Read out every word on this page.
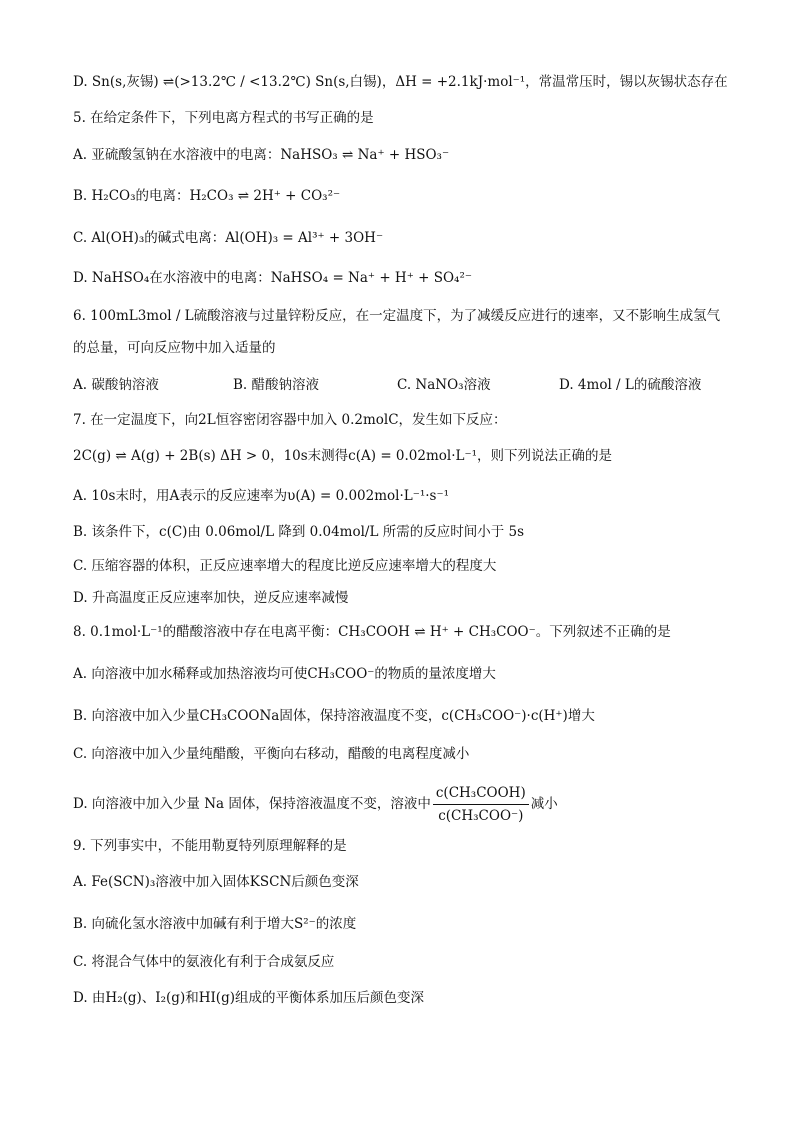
D. Sn(s,灰锡) ⇌(>13.2℃ / <13.2℃) Sn(s,白锡)，ΔH = +2.1kJ·mol⁻¹，常温常压时，锡以灰锡状态存在
5. 在给定条件下，下列电离方程式的书写正确的是
A. 亚硫酸氢钠在水溶液中的电离：NaHSO₃ ⇌ Na⁺ + HSO₃⁻
B. H₂CO₃的电离：H₂CO₃ ⇌ 2H⁺ + CO₃²⁻
C. Al(OH)₃的碱式电离：Al(OH)₃ = Al³⁺ + 3OH⁻
D. NaHSO₄在水溶液中的电离：NaHSO₄ = Na⁺ + H⁺ + SO₄²⁻
6. 100mL3mol / L硫酸溶液与过量锌粉反应，在一定温度下，为了减缓反应进行的速率，又不影响生成氢气的总量，可向反应物中加入适量的
A. 碳酸钠溶液	B. 醋酸钠溶液	C. NaNO₃溶液	D. 4mol / L的硫酸溶液
7. 在一定温度下，向2L恒容密闭容器中加入 0.2molC，发生如下反应：
2C(g) ⇌ A(g) + 2B(s) ΔH > 0，10s末测得c(A) = 0.02mol·L⁻¹，则下列说法正确的是
A. 10s末时，用A表示的反应速率为υ(A) = 0.002mol·L⁻¹·s⁻¹
B. 该条件下，c(C)由 0.06mol/L 降到 0.04mol/L 所需的反应时间小于 5s
C. 压缩容器的体积，正反应速率增大的程度比逆反应速率增大的程度大
D. 升高温度正反应速率加快，逆反应速率减慢
8. 0.1mol·L⁻¹的醋酸溶液中存在电离平衡：CH₃COOH ⇌ H⁺ + CH₃COO⁻。下列叙述不正确的是
A. 向溶液中加水稀释或加热溶液均可使CH₃COO⁻的物质的量浓度增大
B. 向溶液中加入少量CH₃COONa固体，保持溶液温度不变，c(CH₃COO⁻)·c(H⁺)增大
C. 向溶液中加入少量纯醋酸，平衡向右移动，醋酸的电离程度减小
D. 向溶液中加入少量 Na 固体，保持溶液温度不变，溶液中 $\frac{\text{c(CH₃COOH)}}{\text{c(CH₃COO⁻)}}$ 减小
9. 下列事实中，不能用勒夏特列原理解释的是
A. Fe(SCN)₃溶液中加入固体KSCN后颜色变深
B. 向硫化氢水溶液中加碱有利于增大S²⁻的浓度
C. 将混合气体中的氨液化有利于合成氨反应
D. 由H₂(g)、I₂(g)和HI(g)组成的平衡体系加压后颜色变深
